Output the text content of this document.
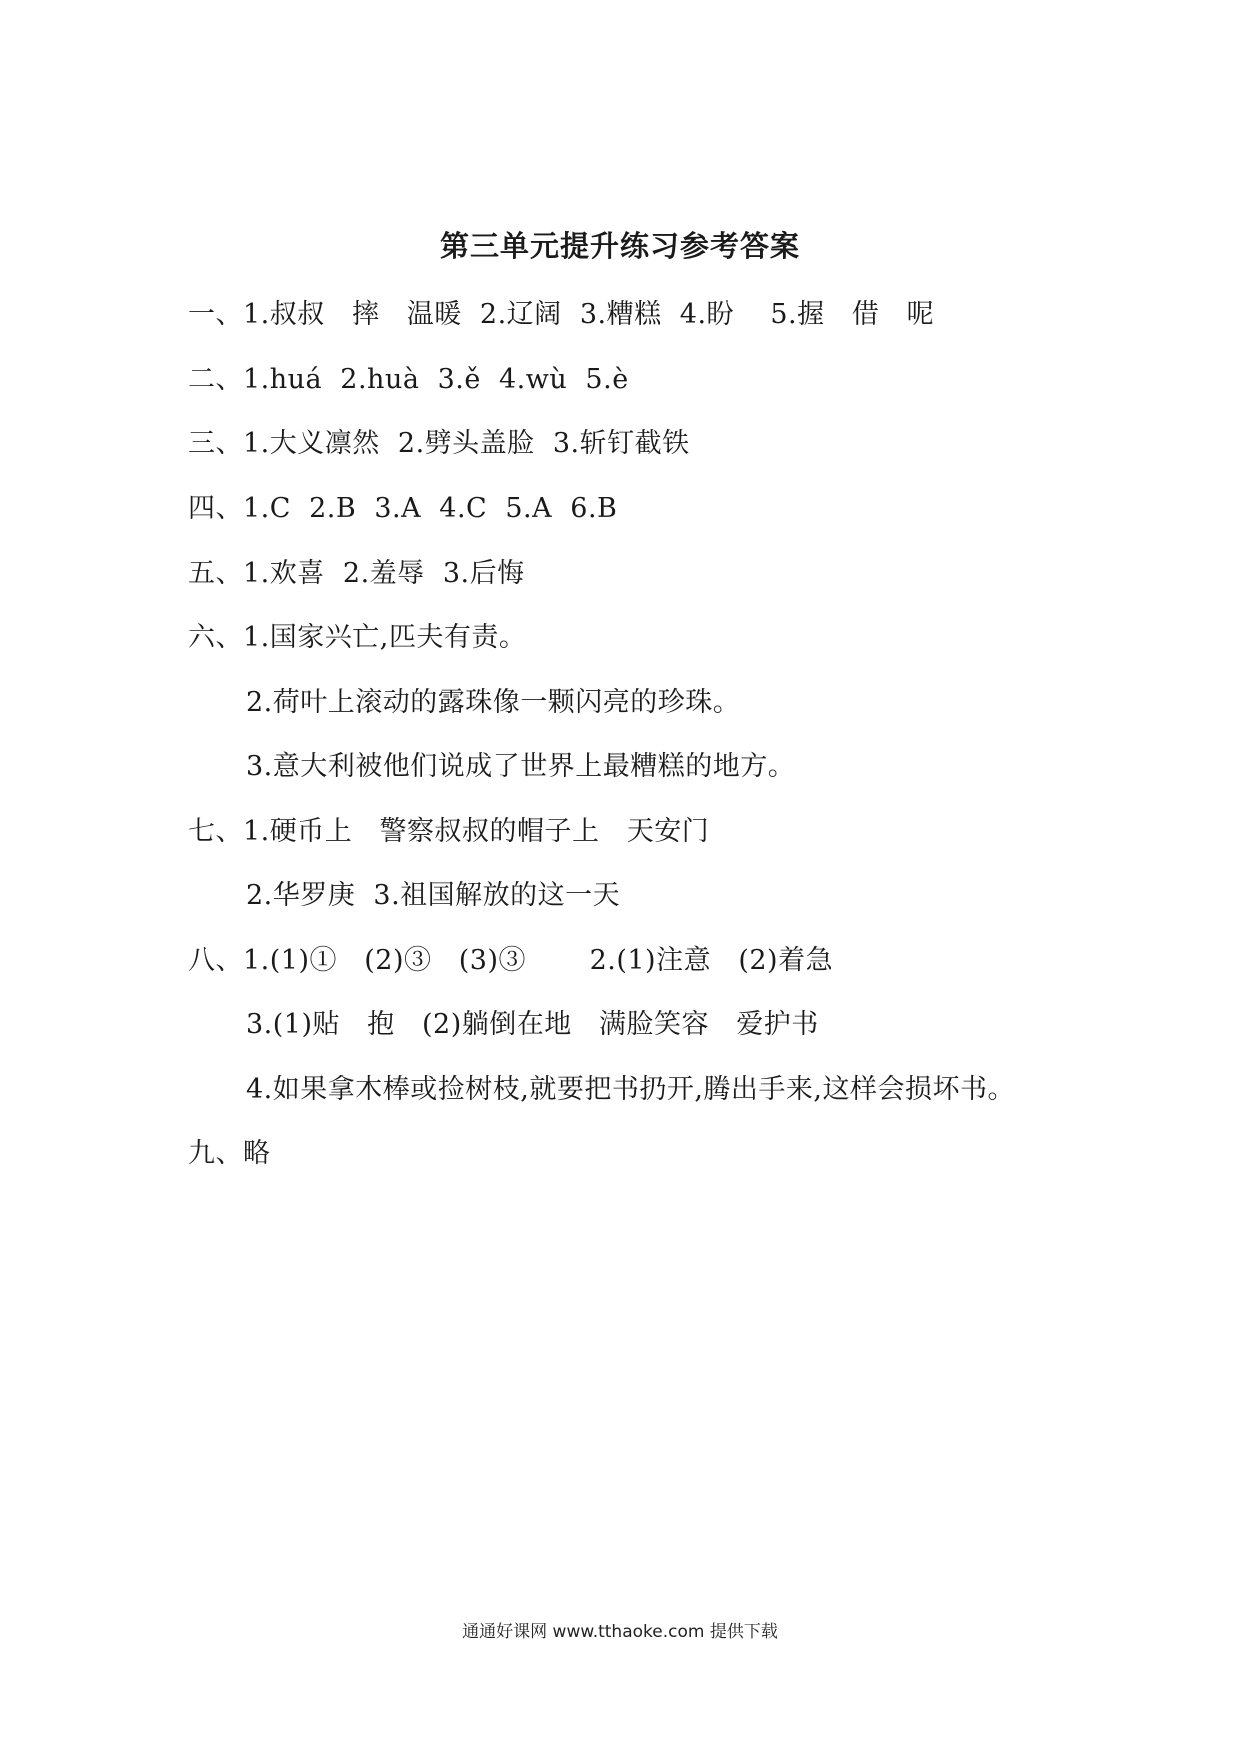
第三单元提升练习参考答案
一、1.叔叔   摔   温暖  2.辽阔  3.糟糕  4.盼    5.握   借   呢
二、1.huá  2.huà  3.ě  4.wù  5.è
三、1.大义凛然  2.劈头盖脸  3.斩钉截铁
四、1.C  2.B  3.A  4.C  5.A  6.B
五、1.欢喜  2.羞辱  3.后悔
六、1.国家兴亡,匹夫有责。
2.荷叶上滚动的露珠像一颗闪亮的珍珠。
3.意大利被他们说成了世界上最糟糕的地方。
七、1.硬币上   警察叔叔的帽子上   天安门
2.华罗庚  3.祖国解放的这一天
八、1.(1)①   (2)③   (3)③       2.(1)注意   (2)着急
3.(1)贴   抱   (2)躺倒在地   满脸笑容   爱护书
4.如果拿木棒或捡树枝,就要把书扔开,腾出手来,这样会损坏书。
九、略
通通好课网 www.tthaoke.com 提供下载
